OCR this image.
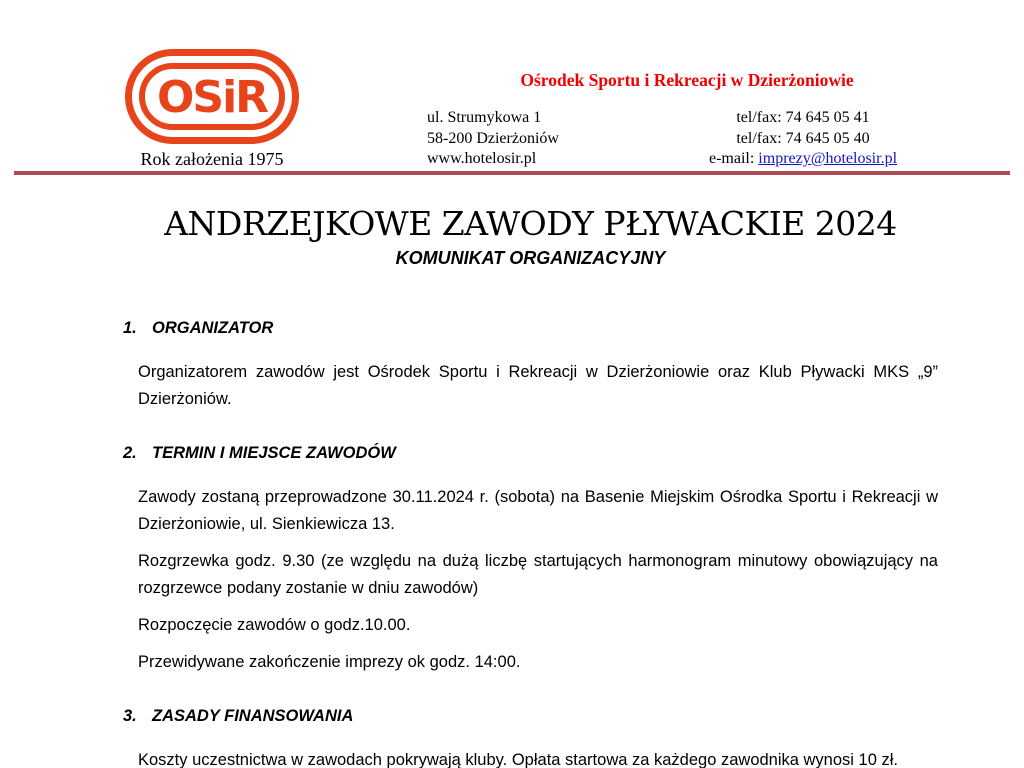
OSiR
Rok założenia 1975
Ośrodek Sportu i Rekreacji w Dzierżoniowie
ul. Strumykowa 1
58-200 Dzierżoniów
www.hotelosir.pl
tel/fax: 74 645 05 41
tel/fax: 74 645 05 40
e-mail: imprezy@hotelosir.pl
ANDRZEJKOWE ZAWODY PŁYWACKIE 2024
KOMUNIKAT ORGANIZACYJNY
1. ORGANIZATOR

Organizatorem zawodów jest Ośrodek Sportu i Rekreacji w Dzierżoniowie oraz Klub Pływacki MKS „9” Dzierżoniów.

2. TERMIN I MIEJSCE ZAWODÓW

Zawody zostaną przeprowadzone 30.11.2024 r. (sobota) na Basenie Miejskim Ośrodka Sportu i Rekreacji w Dzierżoniowie, ul. Sienkiewicza 13.

Rozgrzewka godz. 9.30 (ze względu na dużą liczbę startujących harmonogram minutowy obowiązujący na rozgrzewce podany zostanie w dniu zawodów)

Rozpoczęcie zawodów o godz.10.00.

Przewidywane zakończenie imprezy ok godz. 14:00.

3. ZASADY FINANSOWANIA

Koszty uczestnictwa w zawodach pokrywają kluby. Opłata startowa za każdego zawodnika wynosi 10 zł.
